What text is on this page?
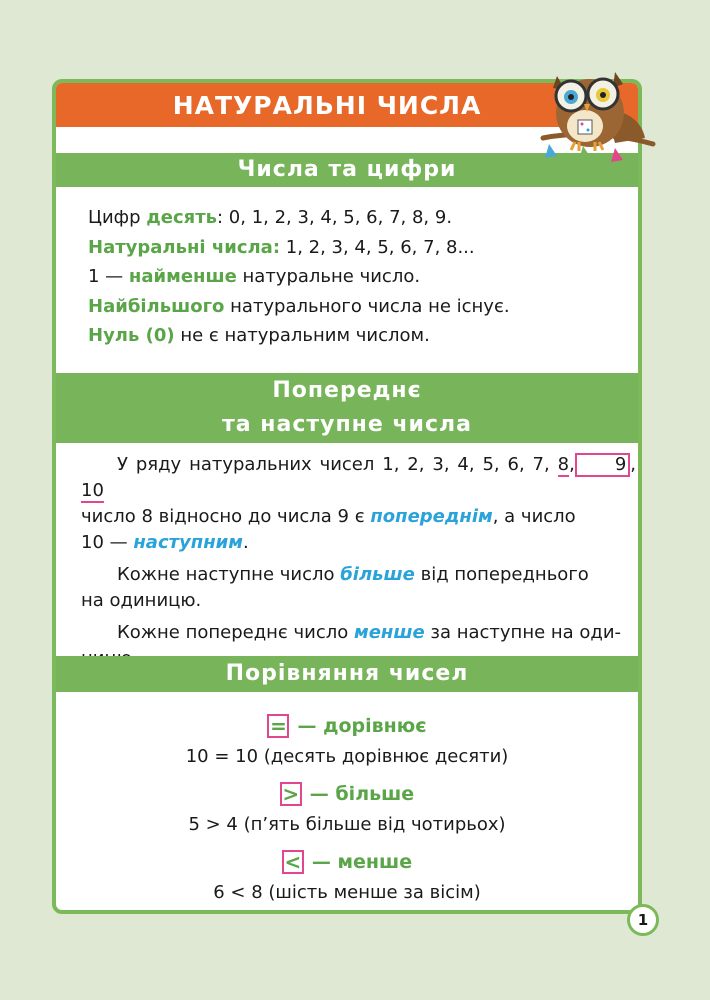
НАТУРАЛЬНІ ЧИСЛА
Числа та цифри
Цифр десять: 0, 1, 2, 3, 4, 5, 6, 7, 8, 9.
Натуральні числа: 1, 2, 3, 4, 5, 6, 7, 8...
1 — найменше натуральне число.
Найбільшого натурального числа не існує.
Нуль (0) не є натуральним числом.
Попереднє
та наступне числа

У ряду натуральних чисел 1, 2, 3, 4, 5, 6, 7, 8, 9 , 10
число 8 відносно до числа 9 є попереднім, а число
10 — наступним.

Кожне наступне число більше від попереднього
на одиницю.

Кожне попереднє число менше за наступне на оди-

Порівняння чисел
= — дорівнює
10 = 10 (десять дорівнює десяти)
> — більше
5 > 4 (п’ять більше від чотирьох)
< — менше
6 < 8 (шість менше за вісім)
1
